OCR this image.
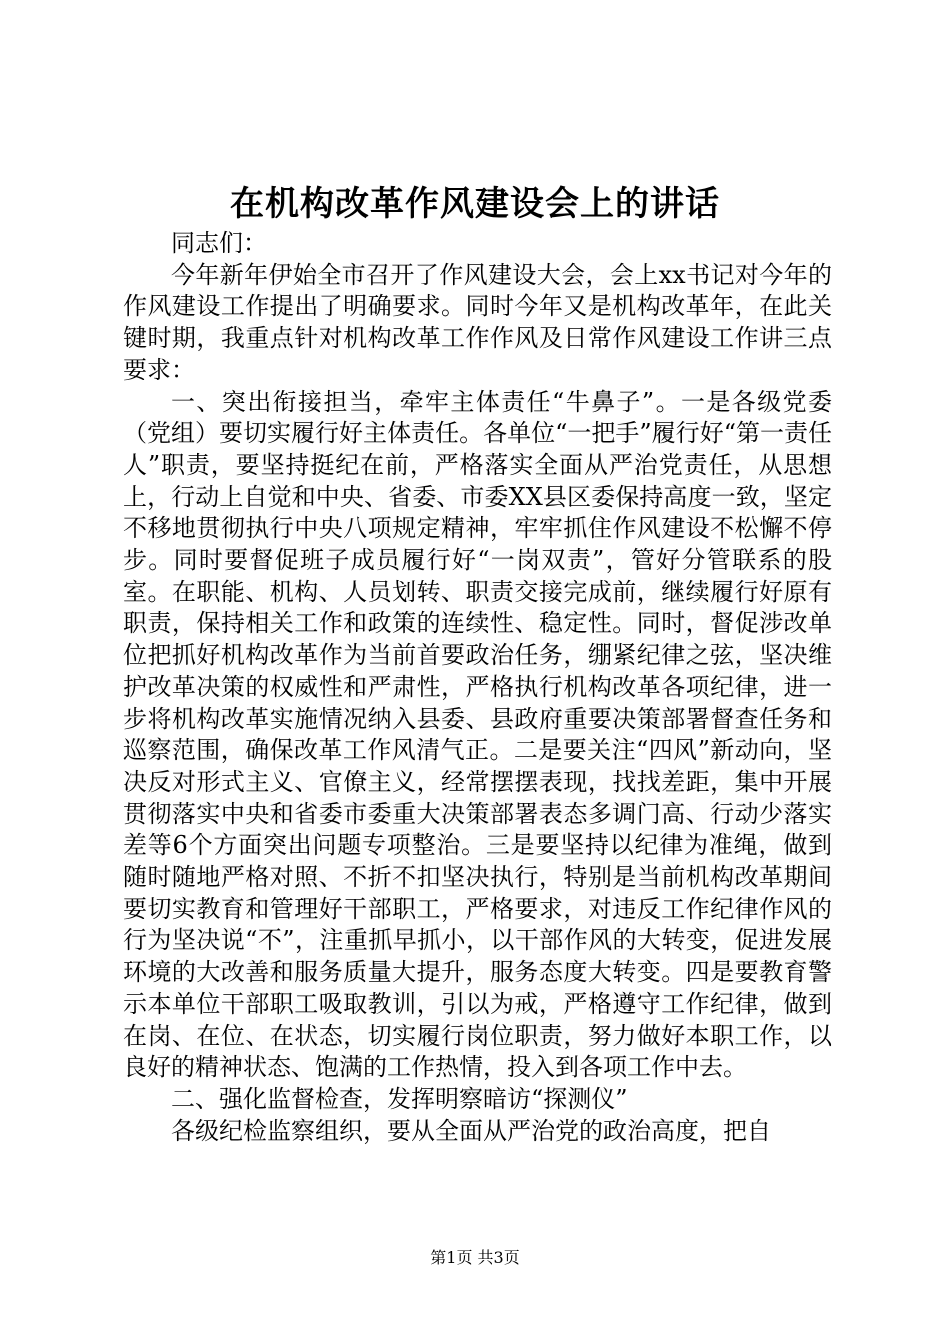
在机构改革作风建设会上的讲话

同志们：

今年新年伊始全市召开了作风建设大会，会上xx书记对今年的作风建设工作提出了明确要求。同时今年又是机构改革年，在此关键时期，我重点针对机构改革工作作风及日常作风建设工作讲三点要求：

一、突出衔接担当，牵牢主体责任“牛鼻子”。一是各级党委（党组）要切实履行好主体责任。各单位“一把手”履行好“第一责任人”职责，要坚持挺纪在前，严格落实全面从严治党责任，从思想上，行动上自觉和中央、省委、市委XX县区委保持高度一致，坚定不移地贯彻执行中央八项规定精神，牢牢抓住作风建设不松懈不停步。同时要督促班子成员履行好“一岗双责”，管好分管联系的股室。在职能、机构、人员划转、职责交接完成前，继续履行好原有职责，保持相关工作和政策的连续性、稳定性。同时，督促涉改单位把抓好机构改革作为当前首要政治任务，绷紧纪律之弦，坚决维护改革决策的权威性和严肃性，严格执行机构改革各项纪律，进一步将机构改革实施情况纳入县委、县政府重要决策部署督查任务和巡察范围，确保改革工作风清气正。二是要关注“四风”新动向，坚决反对形式主义、官僚主义，经常摆摆表现，找找差距，集中开展贯彻落实中央和省委市委重大决策部署表态多调门高、行动少落实差等6个方面突出问题专项整治。三是要坚持以纪律为准绳，做到随时随地严格对照、不折不扣坚决执行，特别是当前机构改革期间要切实教育和管理好干部职工，严格要求，对违反工作纪律作风的行为坚决说“不”，注重抓早抓小，以干部作风的大转变，促进发展环境的大改善和服务质量大提升，服务态度大转变。四是要教育警示本单位干部职工吸取教训，引以为戒，严格遵守工作纪律，做到在岗、在位、在状态，切实履行岗位职责，努力做好本职工作，以良好的精神状态、饱满的工作热情，投入到各项工作中去。

二、强化监督检查，发挥明察暗访“探测仪”

各级纪检监察组织，要从全面从严治党的政治高度，把自

第1页 共3页
